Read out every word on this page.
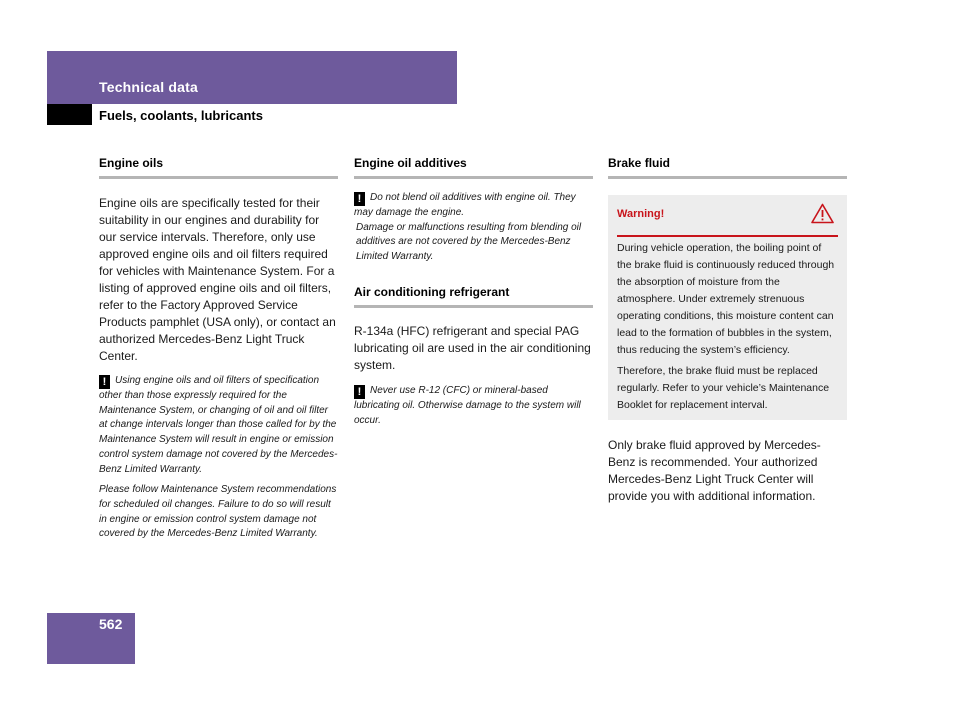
Technical data
Fuels, coolants, lubricants
Engine oils

Engine oils are specifically tested for their suitability in our engines and durability for our service intervals. Therefore, only use approved engine oils and oil filters required for vehicles with Maintenance System. For a listing of approved engine oils and oil filters, refer to the Factory Approved Service Products pamphlet (USA only), or contact an authorized Mercedes-Benz Light Truck Center.

! Using engine oils and oil filters of specification other than those expressly required for the Maintenance System, or changing of oil and oil filter at change intervals longer than those called for by the Maintenance System will result in engine or emission control system damage not covered by the Mercedes-Benz Limited Warranty.

Please follow Maintenance System recommendations for scheduled oil changes. Failure to do so will result in engine or emission control system damage not covered by the Mercedes-Benz Limited Warranty.

Engine oil additives

! Do not blend oil additives with engine oil. They may damage the engine.

Damage or malfunctions resulting from blending oil additives are not covered by the Mercedes-Benz Limited Warranty.

Air conditioning refrigerant

R-134a (HFC) refrigerant and special PAG lubricating oil are used in the air conditioning system.

! Never use R-12 (CFC) or mineral-based lubricating oil. Otherwise damage to the system will occur.

Brake fluid
Warning!

During vehicle operation, the boiling point of the brake fluid is continuously reduced through the absorption of moisture from the atmosphere. Under extremely strenuous operating conditions, this moisture content can lead to the formation of bubbles in the system, thus reducing the system’s efficiency.

Therefore, the brake fluid must be replaced regularly. Refer to your vehicle’s Maintenance Booklet for replacement interval.

Only brake fluid approved by Mercedes-Benz is recommended. Your authorized Mercedes-Benz Light Truck Center will provide you with additional information.

562
